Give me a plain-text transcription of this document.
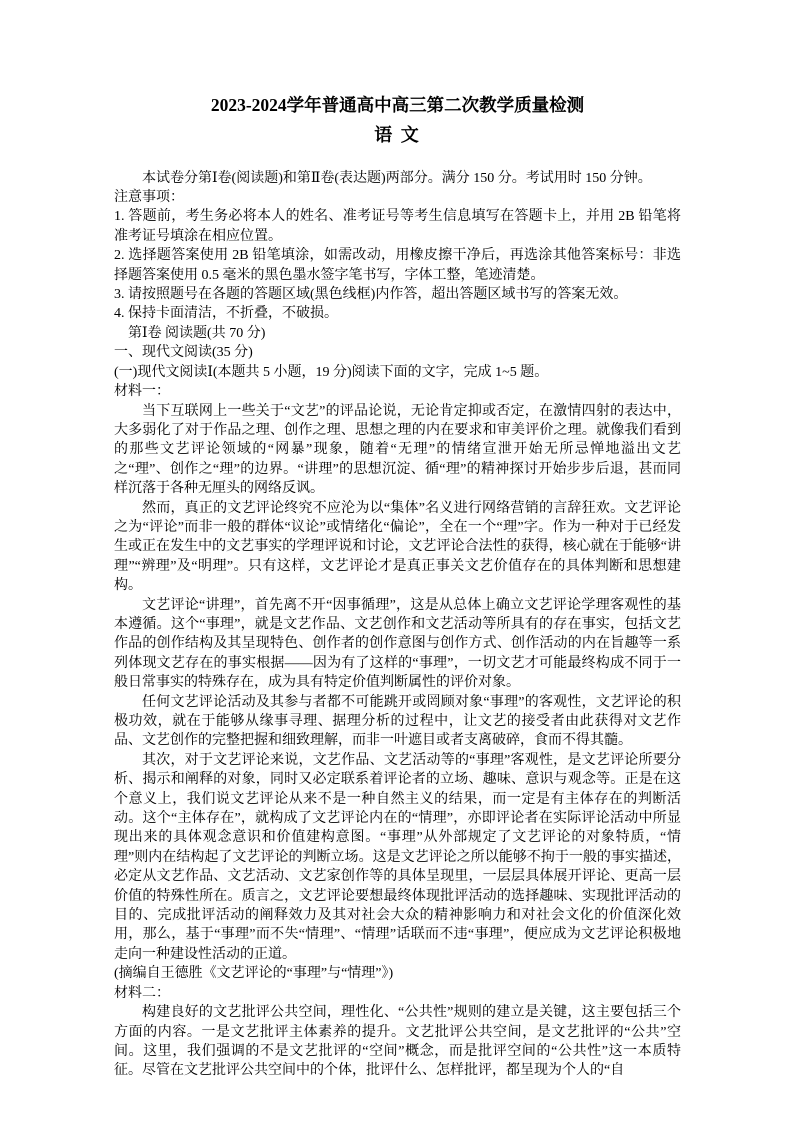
2023-2024学年普通高中高三第二次教学质量检测
语 文

本试卷分第Ⅰ卷(阅读题)和第Ⅱ卷(表达题)两部分。满分 150 分。考试用时 150 分钟。

注意事项：

1. 答题前，考生务必将本人的姓名、准考证号等考生信息填写在答题卡上，并用 2B 铅笔将准考证号填涂在相应位置。

2. 选择题答案使用 2B 铅笔填涂，如需改动，用橡皮擦干净后，再选涂其他答案标号：非选择题答案使用 0.5 毫米的黑色墨水签字笔书写，字体工整，笔迹清楚。

3. 请按照题号在各题的答题区域(黑色线框)内作答，超出答题区域书写的答案无效。

4. 保持卡面清洁，不折叠，不破损。

第Ⅰ卷 阅读题(共 70 分)

一、现代文阅读(35 分)

(一)现代文阅读Ⅰ(本题共 5 小题，19 分)阅读下面的文字，完成 1~5 题。

材料一：

当下互联网上一些关于“文艺”的评品论说，无论肯定抑或否定，在激情四射的表达中，大多弱化了对于作品之理、创作之理、思想之理的内在要求和审美评价之理。就像我们看到的那些文艺评论领域的“网暴”现象，随着“无理”的情绪宣泄开始无所忌惮地溢出文艺之“理”、创作之“理”的边界。“讲理”的思想沉淀、循“理”的精神探讨开始步步后退，甚而同样沉落于各种无厘头的网络反讽。

然而，真正的文艺评论终究不应沦为以“集体”名义进行网络营销的言辞狂欢。文艺评论之为“评论”而非一般的群体“议论”或情绪化“偏论”，全在一个“理”字。作为一种对于已经发生或正在发生中的文艺事实的学理评说和讨论，文艺评论合法性的获得，核心就在于能够“讲理”“辨理”及“明理”。只有这样，文艺评论才是真正事关文艺价值存在的具体判断和思想建构。

文艺评论“讲理”，首先离不开“因事循理”，这是从总体上确立文艺评论学理客观性的基本遵循。这个“事理”，就是文艺作品、文艺创作和文艺活动等所具有的存在事实，包括文艺作品的创作结构及其呈现特色、创作者的创作意图与创作方式、创作活动的内在旨趣等一系列体现文艺存在的事实根据——因为有了这样的“事理”，一切文艺才可能最终构成不同于一般日常事实的特殊存在，成为具有特定价值判断属性的评价对象。

任何文艺评论活动及其参与者都不可能跳开或罔顾对象“事理”的客观性，文艺评论的积极功效，就在于能够从缘事寻理、据理分析的过程中，让文艺的接受者由此获得对文艺作品、文艺创作的完整把握和细致理解，而非一叶遮目或者支离破碎，食而不得其髓。

其次，对于文艺评论来说，文艺作品、文艺活动等的“事理”客观性，是文艺评论所要分析、揭示和阐释的对象，同时又必定联系着评论者的立场、趣味、意识与观念等。正是在这个意义上，我们说文艺评论从来不是一种自然主义的结果，而一定是有主体存在的判断活动。这个“主体存在”，就构成了文艺评论内在的“情理”，亦即评论者在实际评论活动中所显现出来的具体观念意识和价值建构意图。“事理”从外部规定了文艺评论的对象特质，“情理”则内在结构起了文艺评论的判断立场。这是文艺评论之所以能够不拘于一般的事实描述，必定从文艺作品、文艺活动、文艺家创作等的具体呈现里，一层层具体展开评论、更高一层价值的特殊性所在。质言之，文艺评论要想最终体现批评活动的选择趣味、实现批评活动的目的、完成批评活动的阐释效力及其对社会大众的精神影响力和对社会文化的价值深化效用，那么，基于“事理”而不失“情理”、“情理”话联而不违“事理”，便应成为文艺评论积极地走向一种建设性活动的正道。

(摘编自王德胜《文艺评论的“事理”与“情理”》)

材料二：

构建良好的文艺批评公共空间，理性化、“公共性”规则的建立是关键，这主要包括三个方面的内容。一是文艺批评主体素养的提升。文艺批评公共空间，是文艺批评的“公共”空间。这里，我们强调的不是文艺批评的“空间”概念，而是批评空间的“公共性”这一本质特征。尽管在文艺批评公共空间中的个体，批评什么、怎样批评，都呈现为个人的“自
